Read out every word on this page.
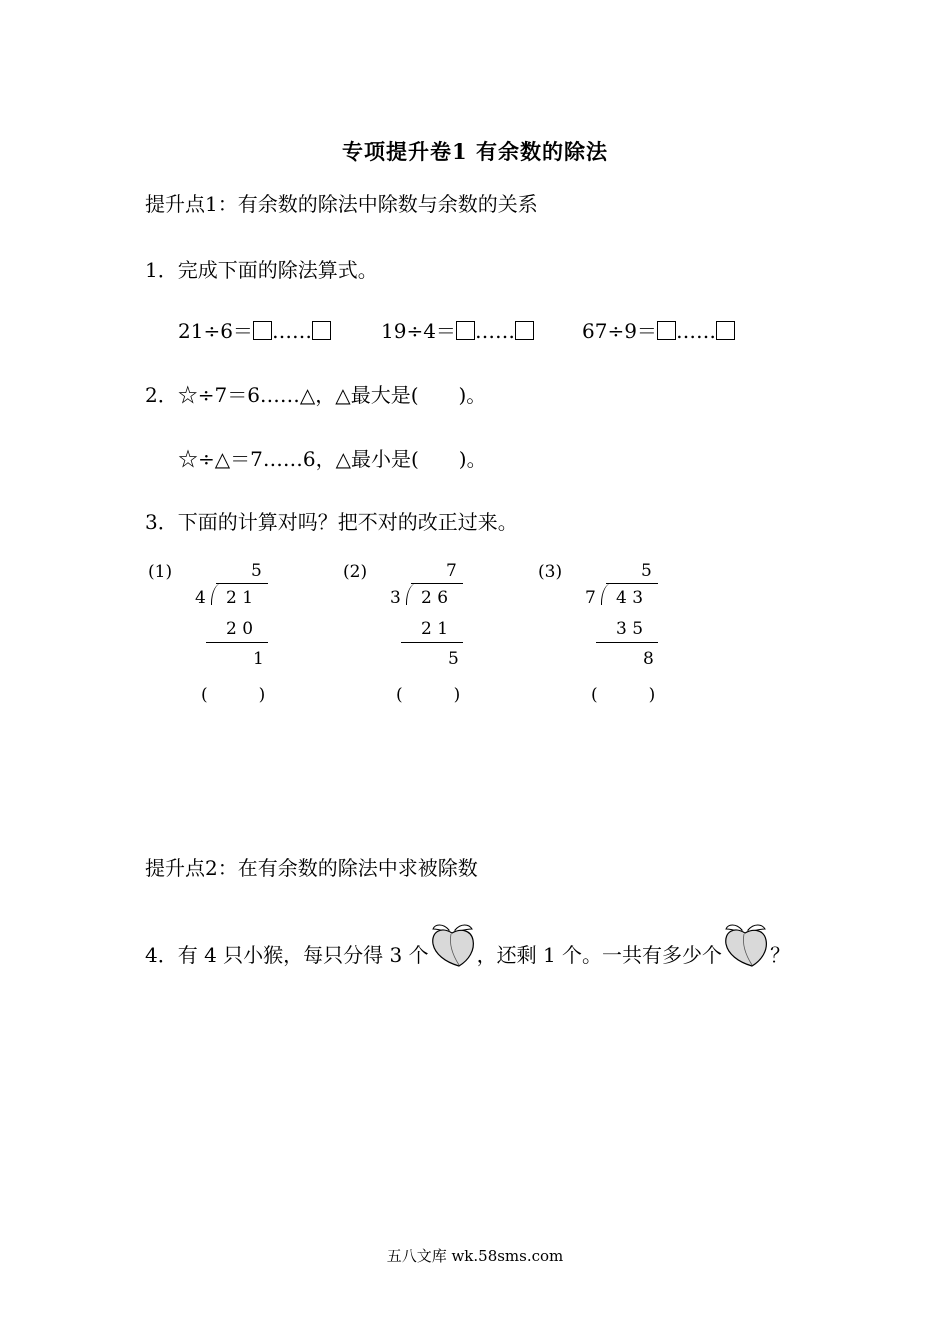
专项提升卷1 有余数的除法
提升点1：有余数的除法中除数与余数的关系
1．完成下面的除法算式。
21÷6＝ ……	19÷4＝ ……	67÷9＝ ……
2．☆÷7＝6……△，△最大是(　　)。
☆÷△＝7……6，△最小是(　　)。
3．下面的计算对吗？把不对的改正过来。
(1)	5
4 2 1
2 0
1
(　　　)
(2)	7
3 2 6
2 1
5
(　　　)
(3)	5
7 4 3
3 5
8
(　　　)
提升点2：在有余数的除法中求被除数
4．有 4 只小猴，每只分得 3 个 ，还剩 1 个。一共有多少个 ？
五八文库 wk.58sms.com
